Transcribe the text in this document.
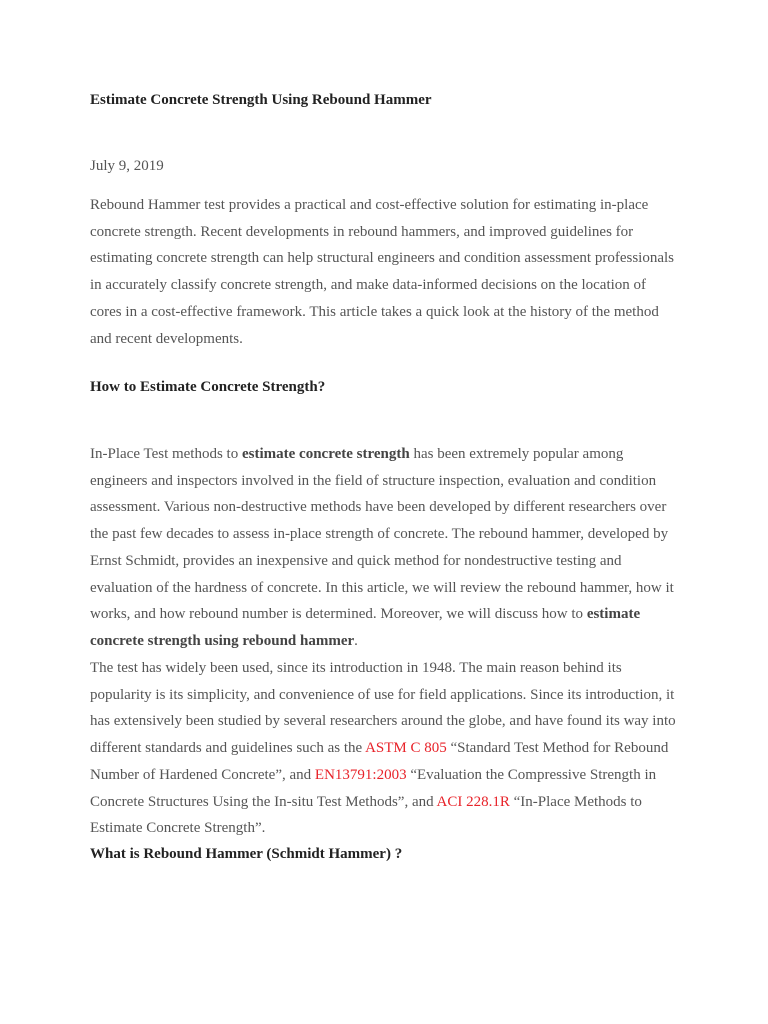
Estimate Concrete Strength Using Rebound Hammer

July 9, 2019

Rebound Hammer test provides a practical and cost-effective solution for estimating in-place concrete strength. Recent developments in rebound hammers, and improved guidelines for estimating concrete strength can help structural engineers and condition assessment professionals in accurately classify concrete strength, and make data-informed decisions on the location of cores in a cost-effective framework. This article takes a quick look at the history of the method and recent developments.

How to Estimate Concrete Strength?

In-Place Test methods to estimate concrete strength has been extremely popular among engineers and inspectors involved in the field of structure inspection, evaluation and condition assessment. Various non-destructive methods have been developed by different researchers over the past few decades to assess in-place strength of concrete. The rebound hammer, developed by Ernst Schmidt, provides an inexpensive and quick method for nondestructive testing and evaluation of the hardness of concrete. In this article, we will review the rebound hammer, how it works, and how rebound number is determined. Moreover, we will discuss how to estimate concrete strength using rebound hammer.

The test has widely been used, since its introduction in 1948. The main reason behind its popularity is its simplicity, and convenience of use for field applications. Since its introduction, it has extensively been studied by several researchers around the globe, and have found its way into different standards and guidelines such as the ASTM C 805 “Standard Test Method for Rebound Number of Hardened Concrete”, and EN13791:2003 “Evaluation the Compressive Strength in Concrete Structures Using the In-situ Test Methods”, and ACI 228.1R “In-Place Methods to Estimate Concrete Strength”.

What is Rebound Hammer (Schmidt Hammer) ?
